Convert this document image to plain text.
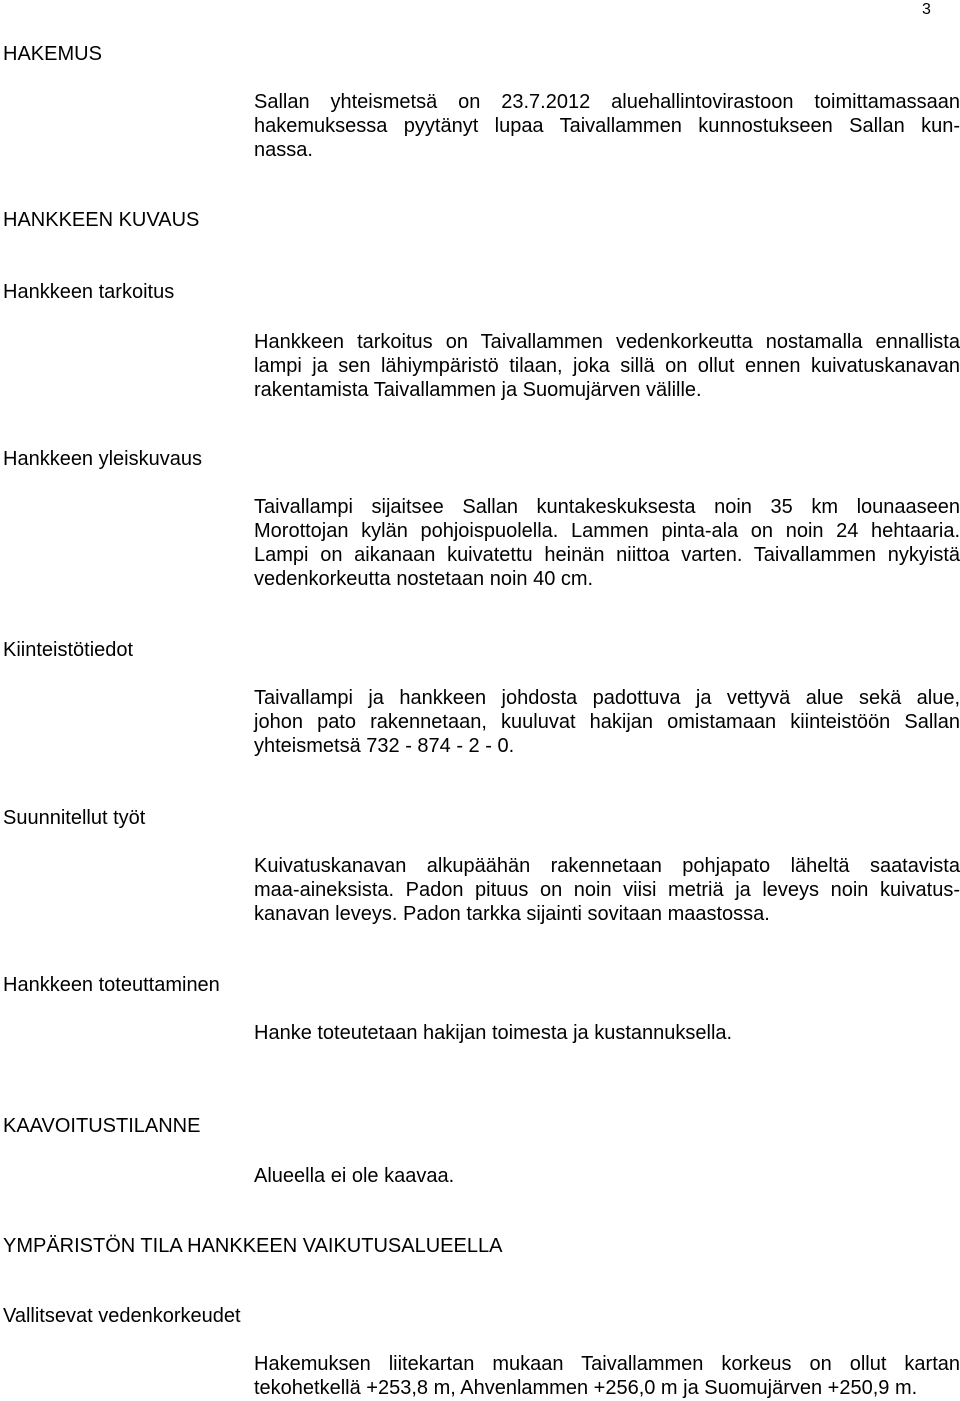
3
HAKEMUS
Sallan yhteismetsä on 23.7.2012 aluehallintovirastoon toimittamassaan
hakemuksessa pyytänyt lupaa Taivallammen kunnostukseen Sallan kun-
nassa.
HANKKEEN KUVAUS
Hankkeen tarkoitus
Hankkeen tarkoitus on Taivallammen vedenkorkeutta nostamalla ennallista
lampi ja sen lähiympäristö tilaan, joka sillä on ollut ennen kuivatuskanavan
rakentamista Taivallammen ja Suomujärven välille.
Hankkeen yleiskuvaus
Taivallampi sijaitsee Sallan kuntakeskuksesta noin 35 km lounaaseen
Morottojan kylän pohjoispuolella. Lammen pinta-ala on noin 24 hehtaaria.
Lampi on aikanaan kuivatettu heinän niittoa varten. Taivallammen nykyistä
vedenkorkeutta nostetaan noin 40 cm.
Kiinteistötiedot
Taivallampi ja hankkeen johdosta padottuva ja vettyvä alue sekä alue,
johon pato rakennetaan, kuuluvat hakijan omistamaan kiinteistöön Sallan
yhteismetsä 732 - 874 - 2 - 0.
Suunnitellut työt
Kuivatuskanavan alkupäähän rakennetaan pohjapato läheltä saatavista
maa-aineksista. Padon pituus on noin viisi metriä ja leveys noin kuivatus-
kanavan leveys. Padon tarkka sijainti sovitaan maastossa.
Hankkeen toteuttaminen
Hanke toteutetaan hakijan toimesta ja kustannuksella.
KAAVOITUSTILANNE
Alueella ei ole kaavaa.
YMPÄRISTÖN TILA HANKKEEN VAIKUTUSALUEELLA
Vallitsevat vedenkorkeudet
Hakemuksen liitekartan mukaan Taivallammen korkeus on ollut kartan
tekohetkellä +253,8 m, Ahvenlammen +256,0 m ja Suomujärven +250,9 m.
